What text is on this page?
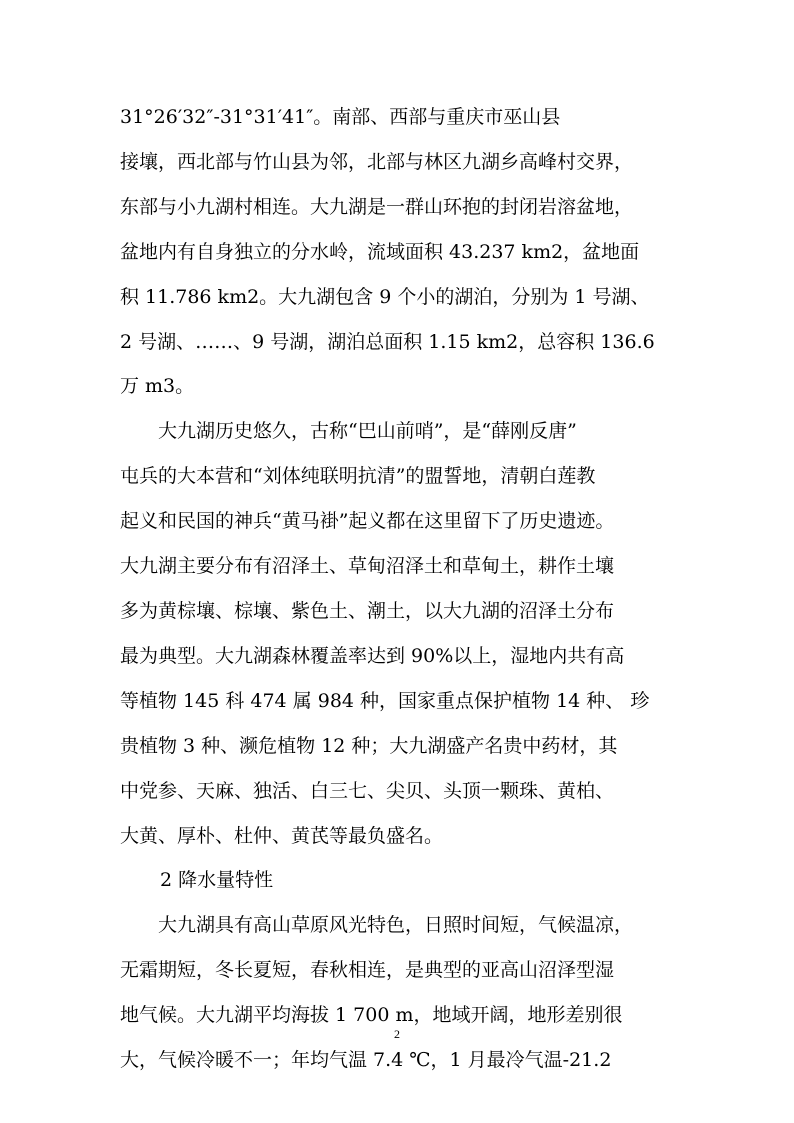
31°26′32″-31°31′41″。南部、西部与重庆市巫山县
接壤，西北部与竹山县为邻，北部与林区九湖乡高峰村交界，
东部与小九湖村相连。大九湖是一群山环抱的封闭岩溶盆地，
盆地内有自身独立的分水岭，流域面积 43.237 km2，盆地面
积 11.786 km2。大九湖包含 9 个小的湖泊，分别为 1 号湖、
2 号湖、……、9 号湖，湖泊总面积 1.15 km2，总容积 136.6
万 m3。
大九湖历史悠久，古称“巴山前哨”，是“薛刚反唐”
屯兵的大本营和“刘体纯联明抗清”的盟誓地，清朝白莲教
起义和民国的神兵“黄马褂”起义都在这里留下了历史遗迹。
大九湖主要分布有沼泽土、草甸沼泽土和草甸土，耕作土壤
多为黄棕壤、棕壤、紫色土、潮土，以大九湖的沼泽土分布
最为典型。大九湖森林覆盖率达到 90%以上，湿地内共有高
等植物 145 科 474 属 984 种，国家重点保护植物 14 种、 珍
贵植物 3 种、濒危植物 12 种；大九湖盛产名贵中药材，其
中党参、天麻、独活、白三七、尖贝、头顶一颗珠、黄柏、
大黄、厚朴、杜仲、黄芪等最负盛名。
2 降水量特性
大九湖具有高山草原风光特色，日照时间短，气候温凉，
无霜期短，冬长夏短，春秋相连，是典型的亚高山沼泽型湿
地气候。大九湖平均海拔 1 700 m，地域开阔，地形差别很
大，气候冷暖不一；年均气温 7.4 ℃，1 月最冷气温-21.2
2
